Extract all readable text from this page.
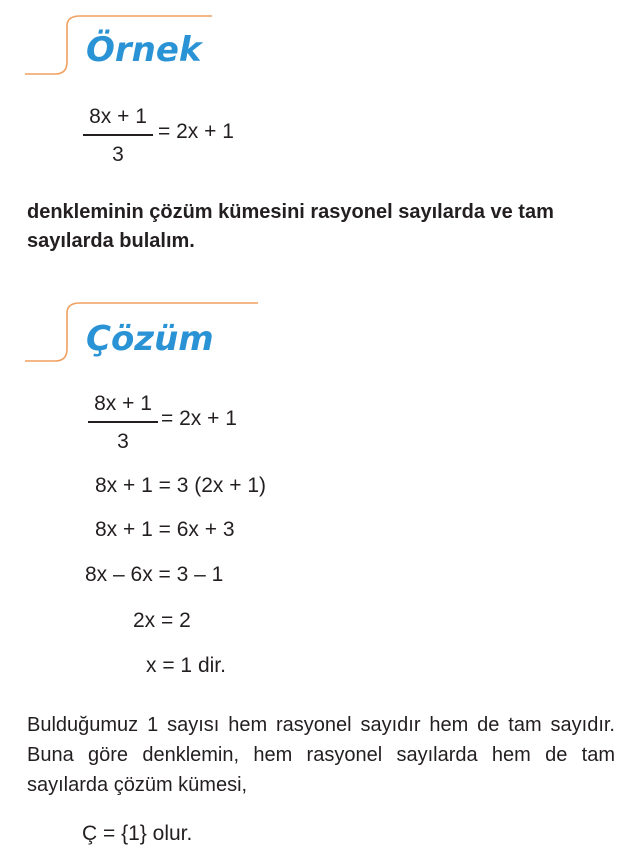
Örnek
8x + 1
3
= 2x + 1

denkleminin çözüm kümesini rasyonel sayılarda ve tam sayılarda bulalım.

Çözüm
8x + 1
3
= 2x + 1
8x + 1 = 3 (2x + 1)
8x + 1 = 6x + 3
8x – 6x = 3 – 1
2x = 2
x = 1 dir.

Bulduğumuz 1 sayısı hem rasyonel sayıdır hem de tam sayıdır. Buna göre denklemin, hem rasyonel sayılarda hem de tam sayılarda çözüm kümesi,

Ç = {1} olur.
